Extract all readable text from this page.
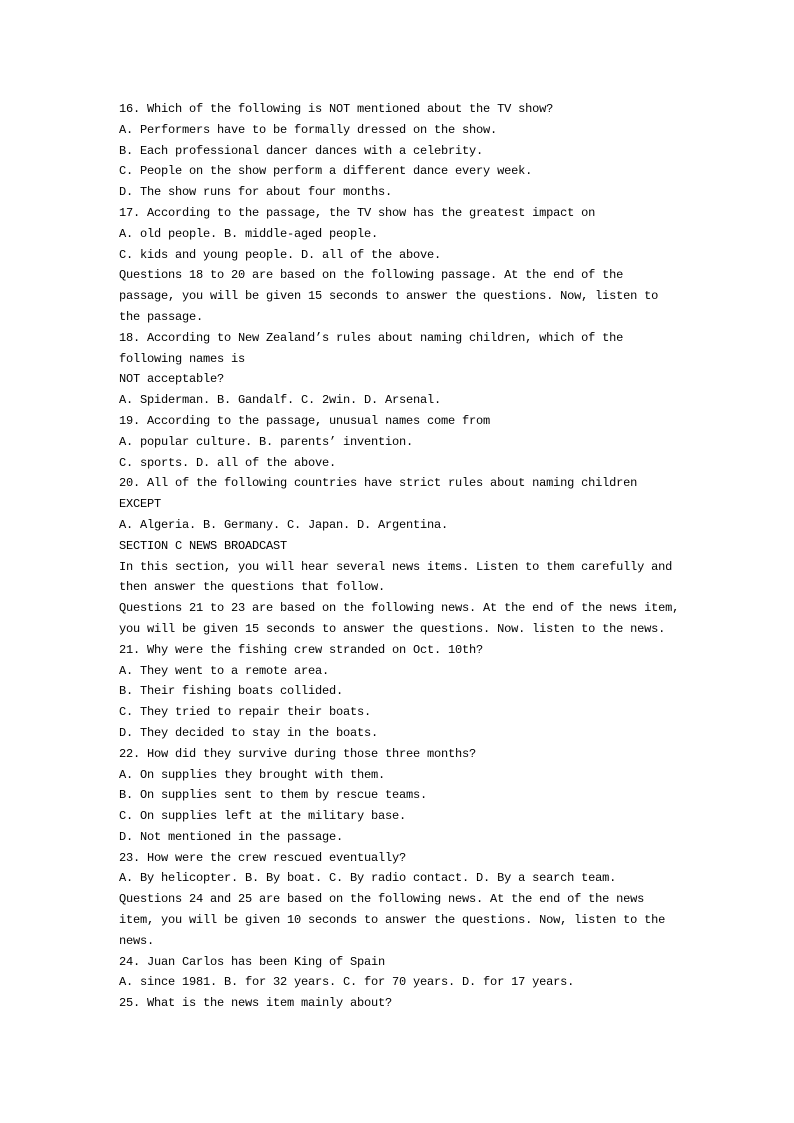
16. Which of the following is NOT mentioned about the TV show?
A. Performers have to be formally dressed on the show.
B. Each professional dancer dances with a celebrity.
C. People on the show perform a different dance every week.
D. The show runs for about four months.
17. According to the passage, the TV show has the greatest impact on
A. old people. B. middle-aged people.
C. kids and young people. D. all of the above.
Questions 18 to 20 are based on the following passage. At the end of the
passage, you will be given 15 seconds to answer the questions. Now, listen to
the passage.
18. According to New Zealand’s rules about naming children, which of the
following names is
NOT acceptable?
A. Spiderman. B. Gandalf. C. 2win. D. Arsenal.
19. According to the passage, unusual names come from
A. popular culture. B. parents’ invention.
C. sports. D. all of the above.
20. All of the following countries have strict rules about naming children
EXCEPT
A. Algeria. B. Germany. C. Japan. D. Argentina.
SECTION C NEWS BROADCAST
In this section, you will hear several news items. Listen to them carefully and
then answer the questions that follow.
Questions 21 to 23 are based on the following news. At the end of the news item,
you will be given 15 seconds to answer the questions. Now. listen to the news.
21. Why were the fishing crew stranded on Oct. 10th?
A. They went to a remote area.
B. Their fishing boats collided.
C. They tried to repair their boats.
D. They decided to stay in the boats.
22. How did they survive during those three months?
A. On supplies they brought with them.
B. On supplies sent to them by rescue teams.
C. On supplies left at the military base.
D. Not mentioned in the passage.
23. How were the crew rescued eventually?
A. By helicopter. B. By boat. C. By radio contact. D. By a search team.
Questions 24 and 25 are based on the following news. At the end of the news
item, you will be given 10 seconds to answer the questions. Now, listen to the
news.
24. Juan Carlos has been King of Spain
A. since 1981. B. for 32 years. C. for 70 years. D. for 17 years.
25. What is the news item mainly about?
